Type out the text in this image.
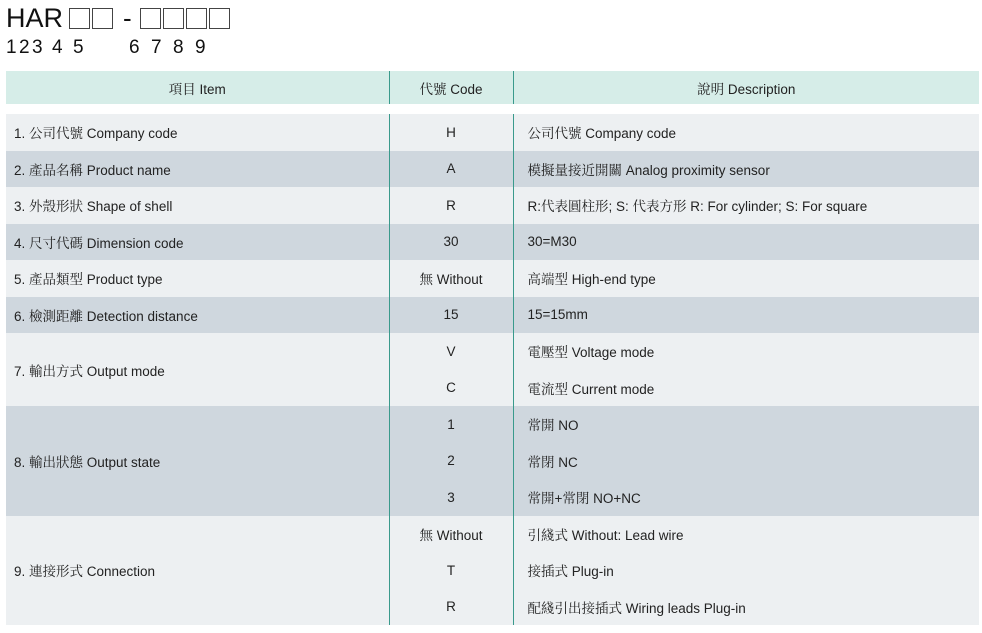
HAR -
1 2 3 4 5 6 7 8 9
項目 Item	代號 Code	說明 Description

1. 公司代號 Company code	H	公司代號 Company code
2. 產品名稱 Product name	A	模擬量接近開關 Analog proximity sensor
3. 外殼形狀 Shape of shell	R	R:代表圓柱形; S: 代表方形 R: For cylinder; S: For square
4. 尺寸代碼 Dimension code	30	30=M30
5. 產品類型 Product type	無 Without	高端型 High-end type
6. 檢測距離 Detection distance	15	15=15mm
7. 輸出方式 Output mode	V	電壓型 Voltage mode
	C	電流型 Current mode
8. 輸出狀態 Output state	1	常開 NO
	2	常閉 NC
	3	常開+常閉 NO+NC
9. 連接形式 Connection	無 Without	引綫式 Without: Lead wire
	T	接插式 Plug-in
	R	配綫引出接插式 Wiring leads Plug-in
